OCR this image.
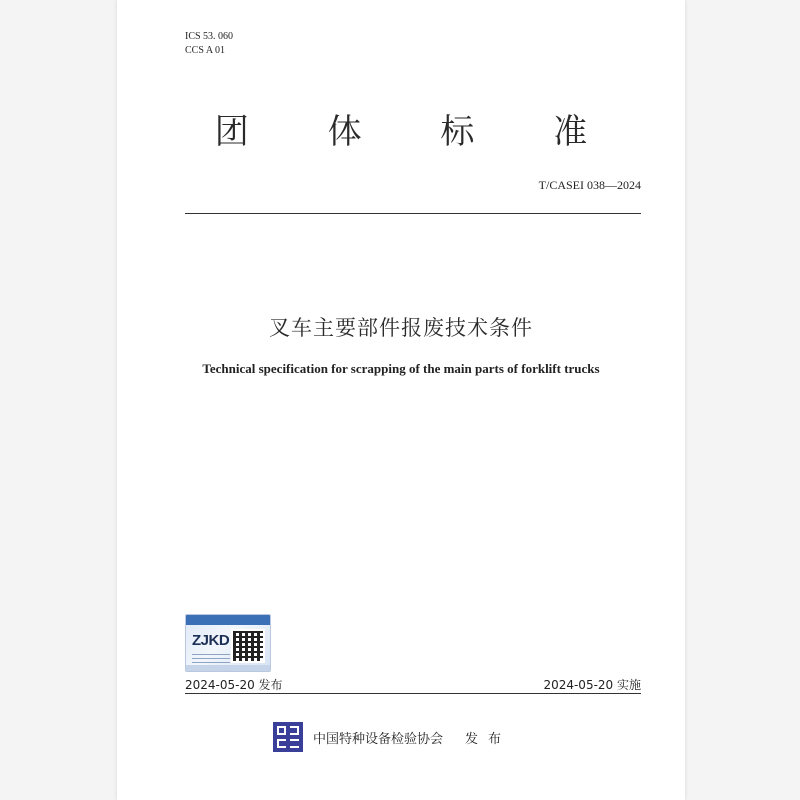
ICS 53. 060
CCS A 01
团 体 标 准
T/CASEI 038—2024
叉车主要部件报废技术条件
Technical specification for scrapping of the main parts of forklift trucks
ZJKD
2024-05-20 发布	2024-05-20 实施
中国特种设备检验协会 发布
